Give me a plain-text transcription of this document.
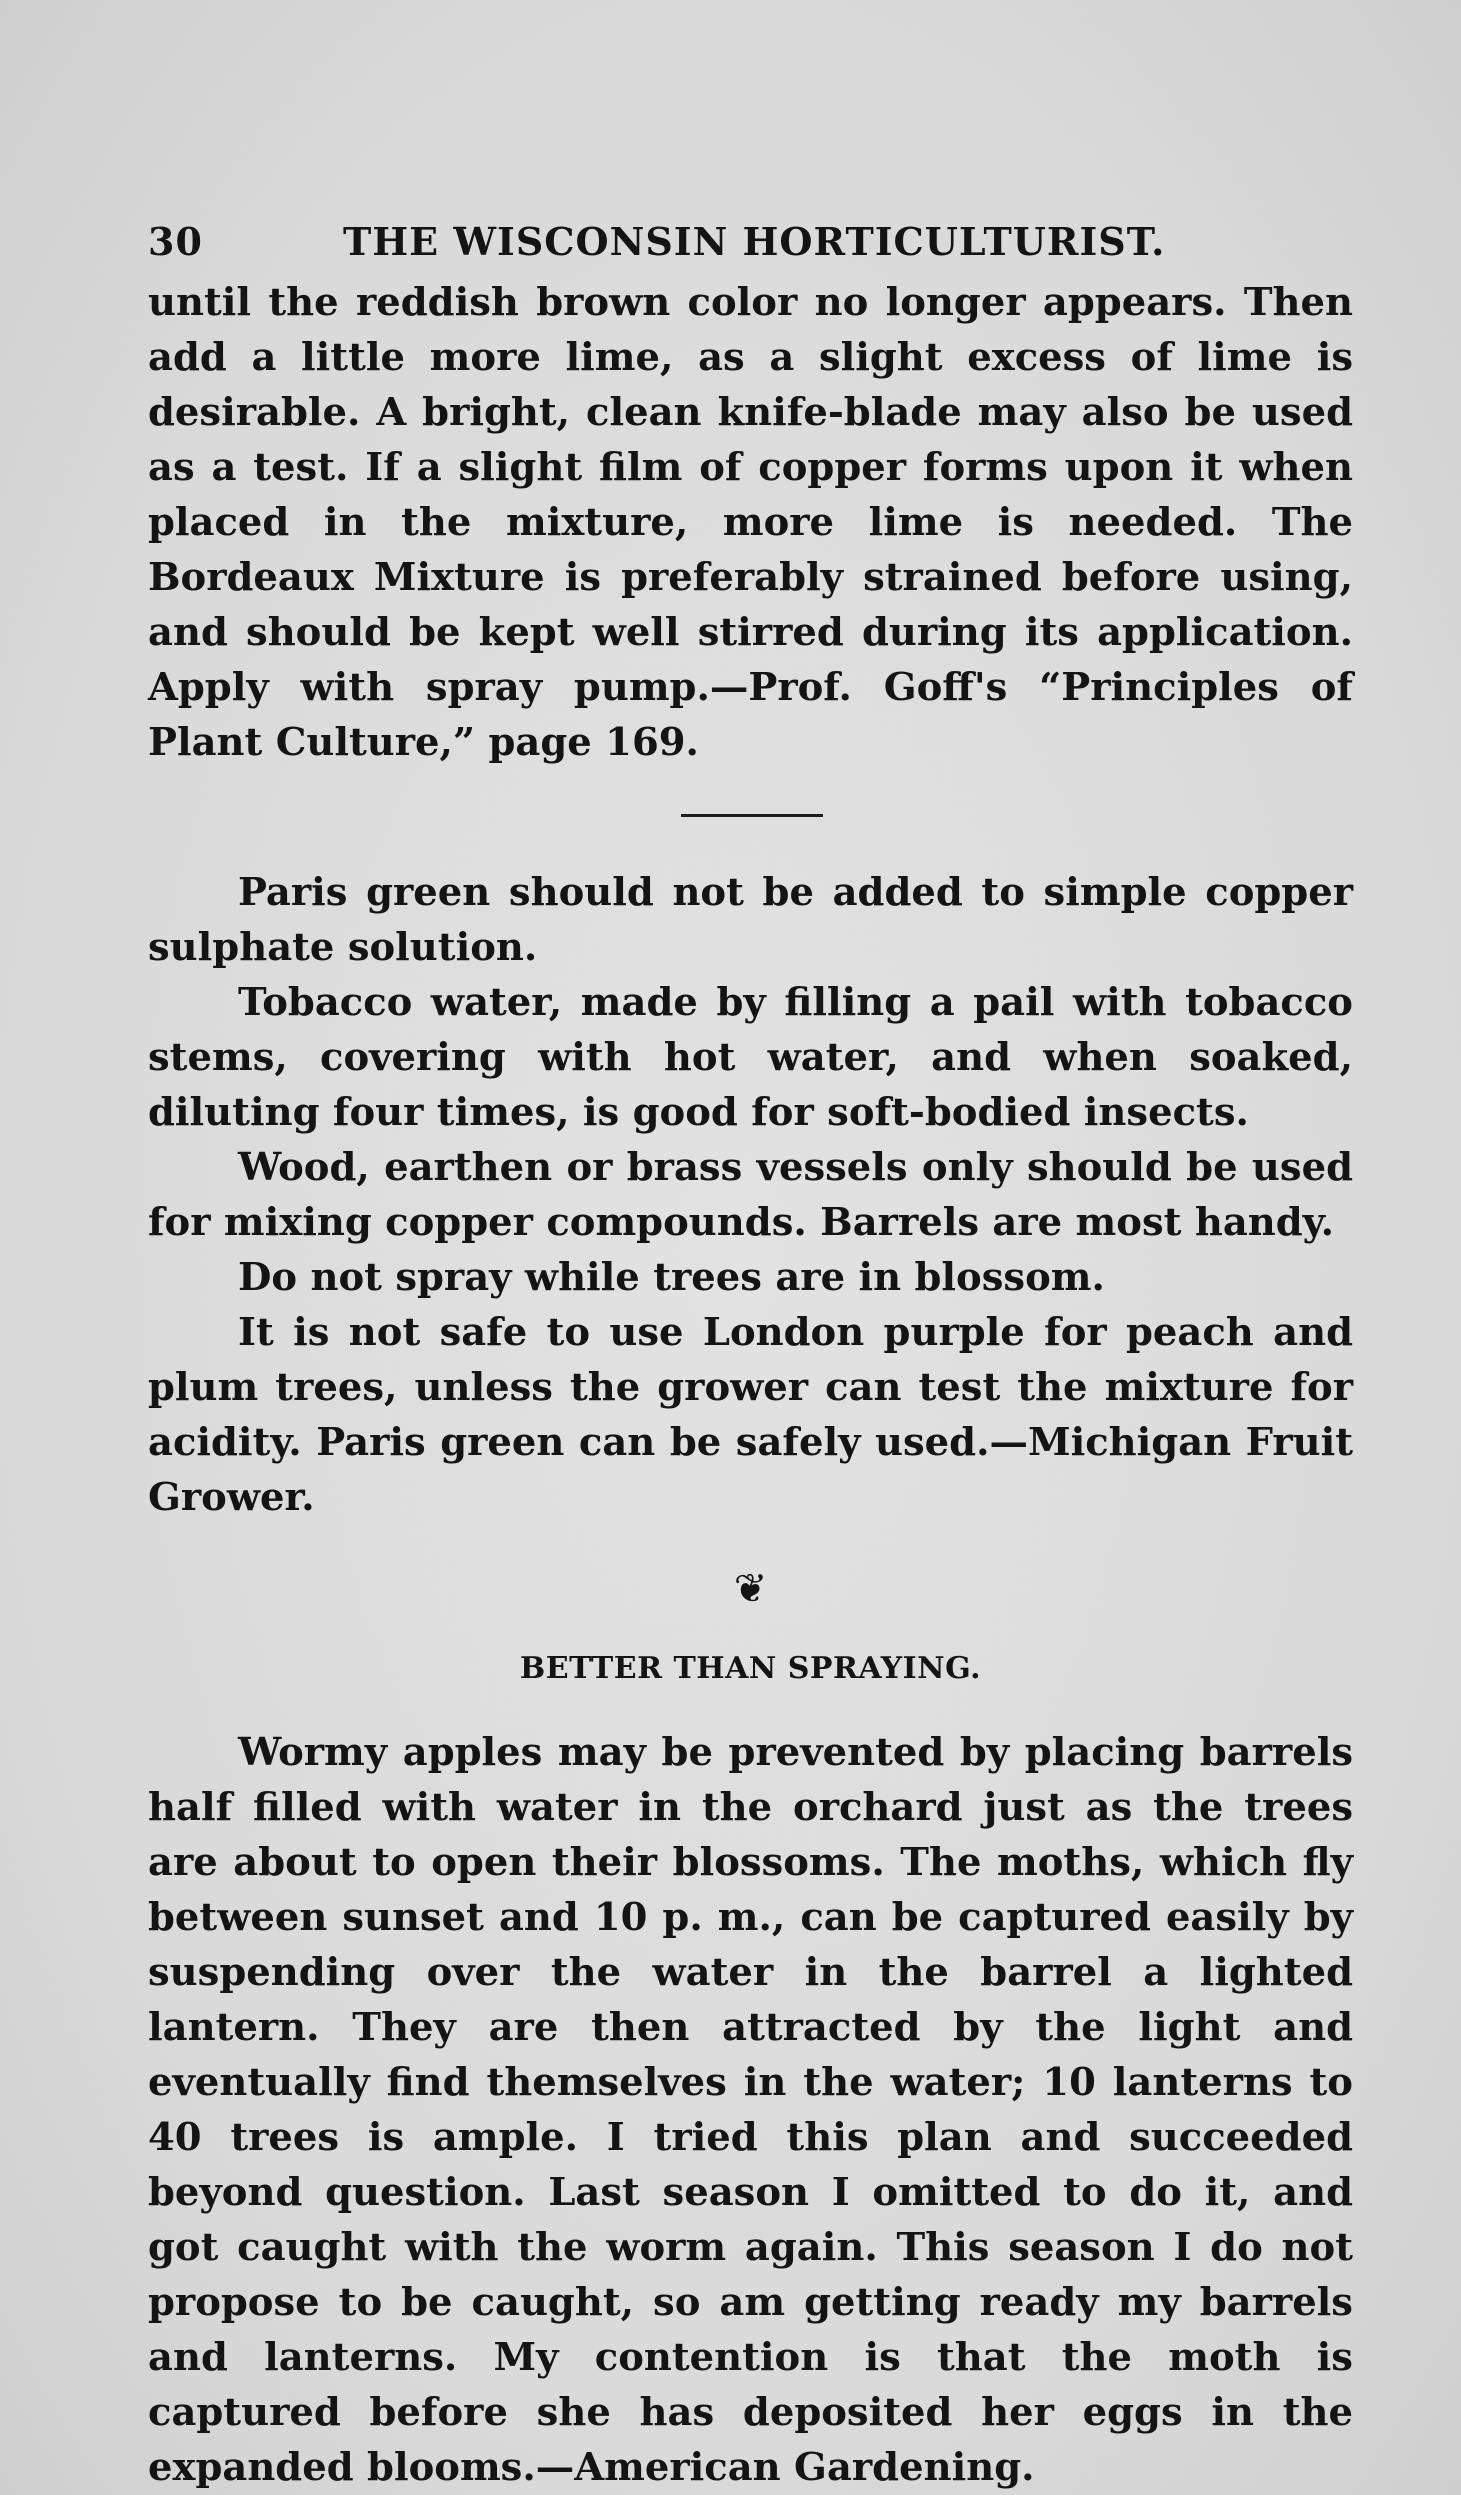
30	THE WISCONSIN HORTICULTURIST.

until the reddish brown color no longer appears. Then add a little more lime, as a slight excess of lime is desirable. A bright, clean knife-blade may also be used as a test. If a slight film of copper forms upon it when placed in the mixture, more lime is needed. The Bordeaux Mixture is preferably strained before using, and should be kept well stirred during its application. Apply with spray pump.—Prof. Goff's “Principles of Plant Culture,” page 169.

Paris green should not be added to simple copper sulphate solution.

Tobacco water, made by filling a pail with tobacco stems, covering with hot water, and when soaked, diluting four times, is good for soft-bodied insects.

Wood, earthen or brass vessels only should be used for mixing copper compounds. Barrels are most handy.

Do not spray while trees are in blossom.

It is not safe to use London purple for peach and plum trees, unless the grower can test the mixture for acidity. Paris green can be safely used.—Michigan Fruit Grower.

❦
BETTER THAN SPRAYING.

Wormy apples may be prevented by placing barrels half filled with water in the orchard just as the trees are about to open their blossoms. The moths, which fly between sunset and 10 p. m., can be captured easily by suspending over the water in the barrel a lighted lantern. They are then attracted by the light and eventually find themselves in the water; 10 lanterns to 40 trees is ample. I tried this plan and succeeded beyond question. Last season I omitted to do it, and got caught with the worm again. This season I do not propose to be caught, so am getting ready my barrels and lanterns. My contention is that the moth is captured before she has deposited her eggs in the expanded blooms.—American Gardening.
